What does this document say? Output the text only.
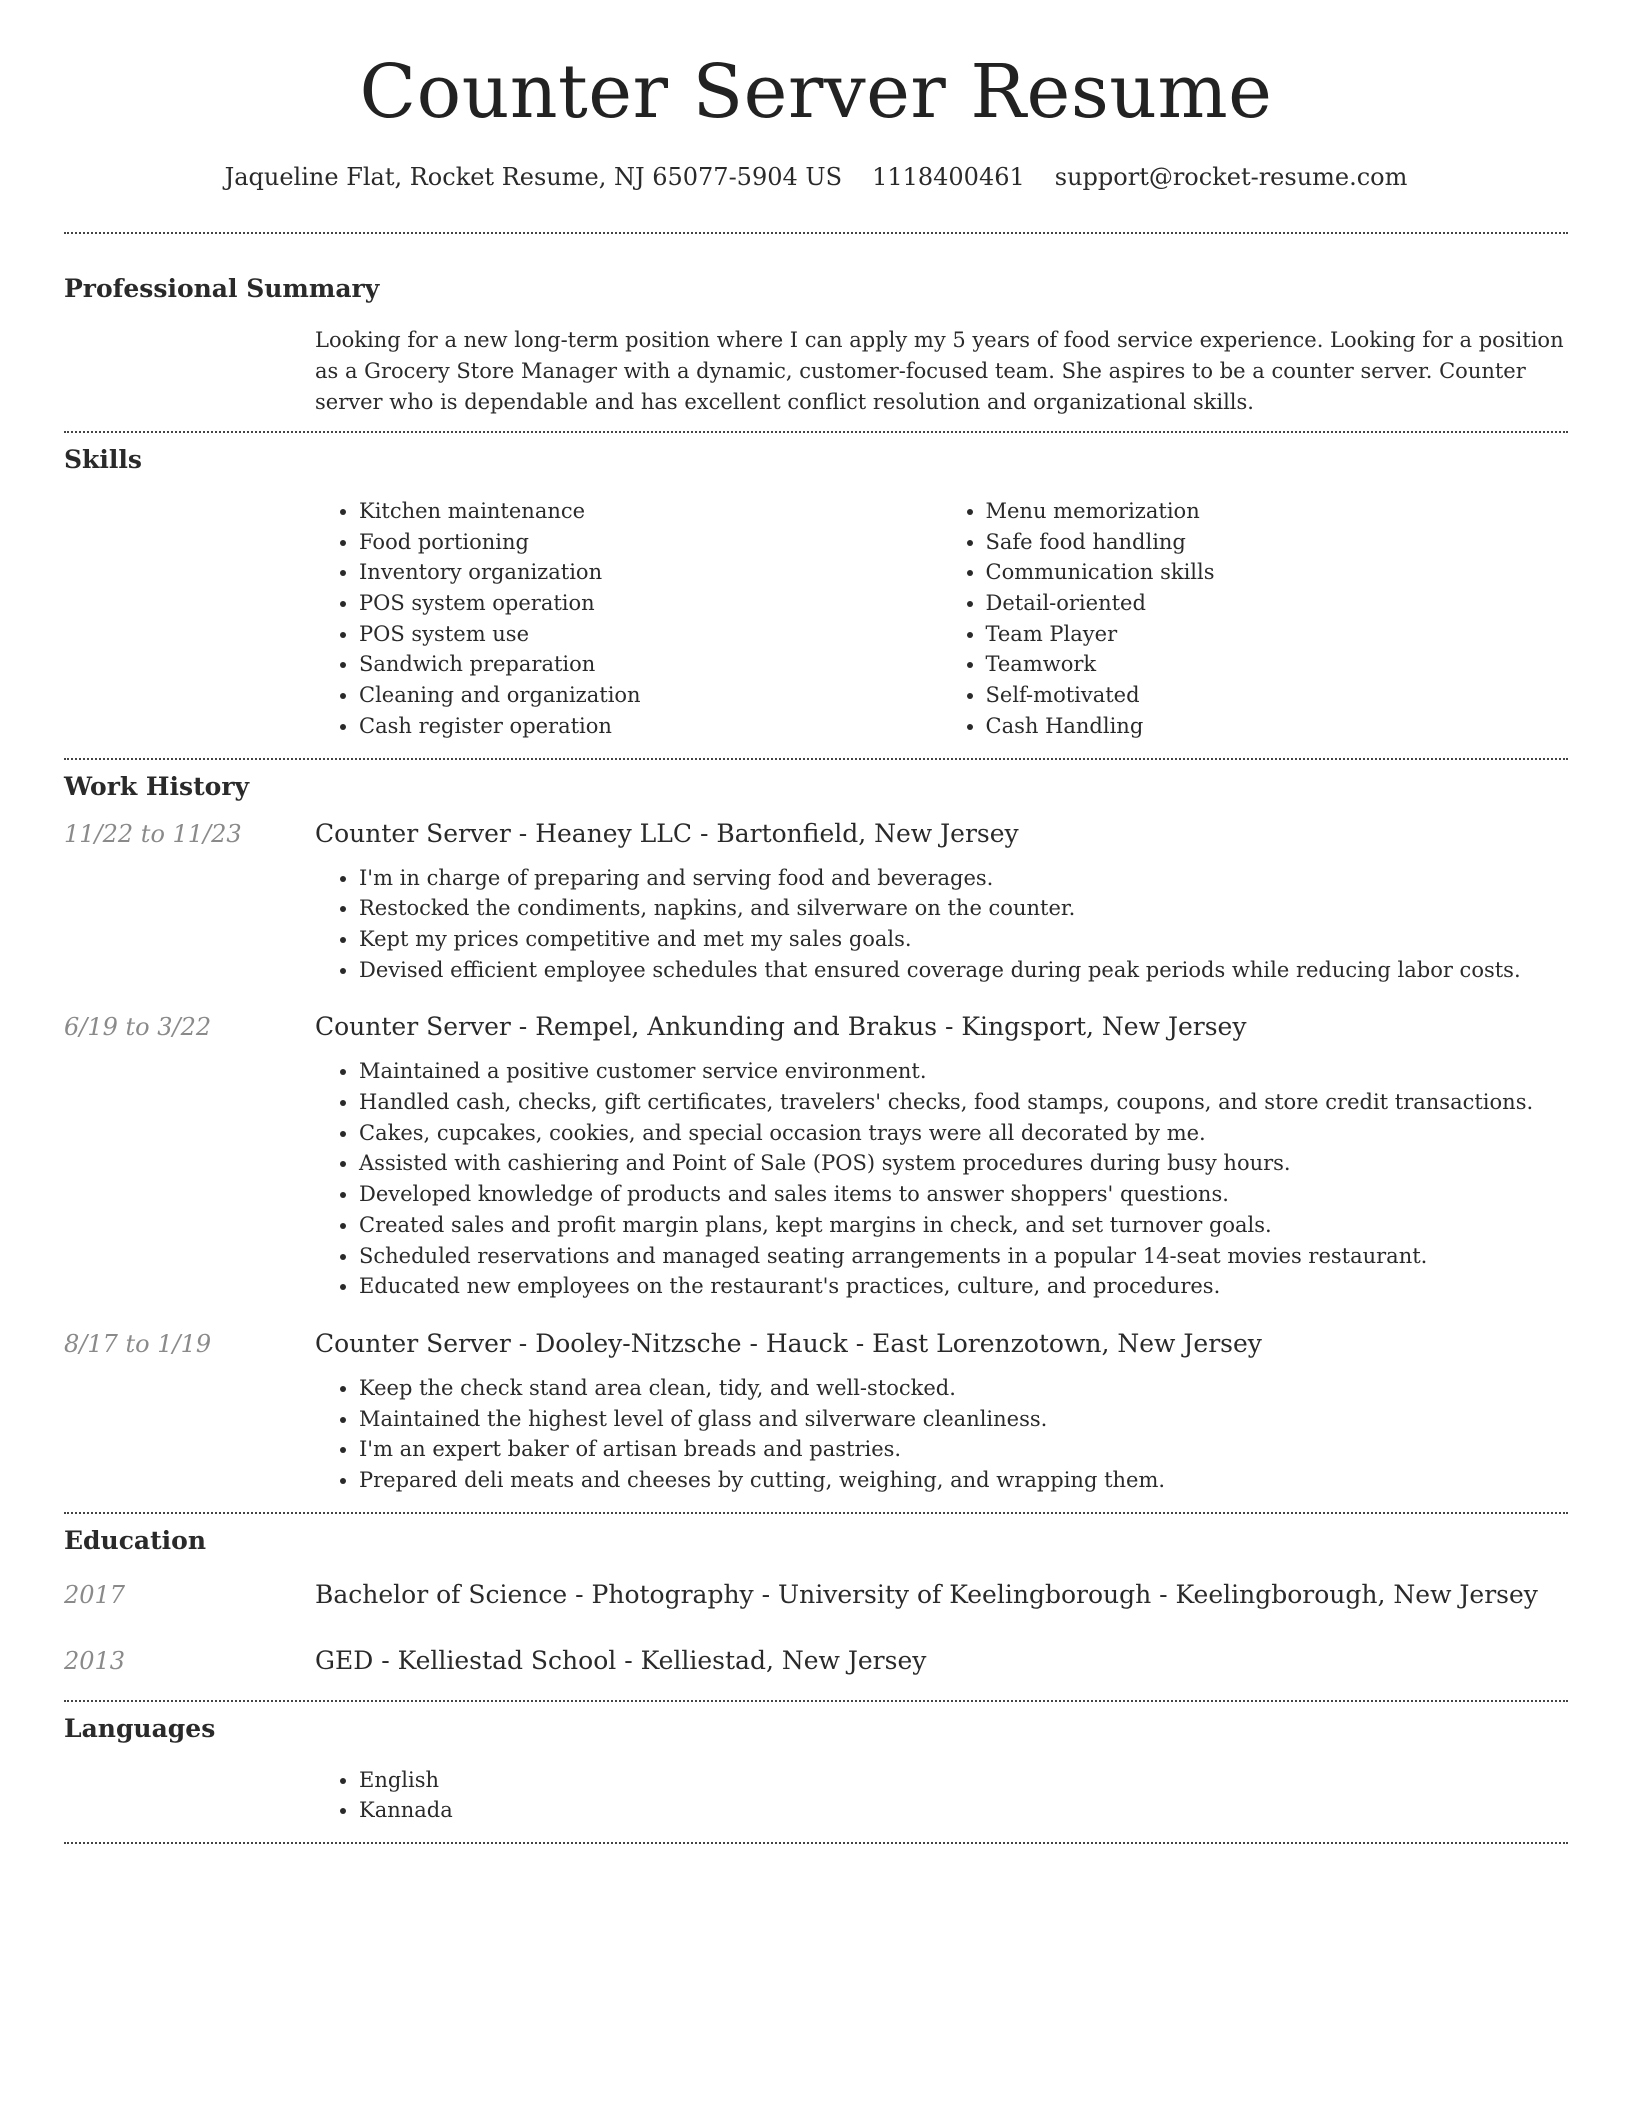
Counter Server Resume
Jaqueline Flat, Rocket Resume, NJ 65077-5904 US 1118400461 support@rocket-resume.com
Professional Summary

Looking for a new long-term position where I can apply my 5 years of food service experience. Looking for a position as a Grocery Store Manager with a dynamic, customer-focused team. She aspires to be a counter server. Counter server who is dependable and has excellent conflict resolution and organizational skills.

Skills
• Kitchen maintenance
• Food portioning
• Inventory organization
• POS system operation
• POS system use
• Sandwich preparation
• Cleaning and organization
• Cash register operation
• Menu memorization
• Safe food handling
• Communication skills
• Detail-oriented
• Team Player
• Teamwork
• Self-motivated
• Cash Handling
Work History
11/22 to 11/23	Counter Server - Heaney LLC - Bartonfield, New Jersey
• I'm in charge of preparing and serving food and beverages.
• Restocked the condiments, napkins, and silverware on the counter.
• Kept my prices competitive and met my sales goals.
• Devised efficient employee schedules that ensured coverage during peak periods while reducing labor costs.
6/19 to 3/22	Counter Server - Rempel, Ankunding and Brakus - Kingsport, New Jersey
• Maintained a positive customer service environment.
• Handled cash, checks, gift certificates, travelers' checks, food stamps, coupons, and store credit transactions.
• Cakes, cupcakes, cookies, and special occasion trays were all decorated by me.
• Assisted with cashiering and Point of Sale (POS) system procedures during busy hours.
• Developed knowledge of products and sales items to answer shoppers' questions.
• Created sales and profit margin plans, kept margins in check, and set turnover goals.
• Scheduled reservations and managed seating arrangements in a popular 14-seat movies restaurant.
• Educated new employees on the restaurant's practices, culture, and procedures.
8/17 to 1/19	Counter Server - Dooley-Nitzsche - Hauck - East Lorenzotown, New Jersey
• Keep the check stand area clean, tidy, and well-stocked.
• Maintained the highest level of glass and silverware cleanliness.
• I'm an expert baker of artisan breads and pastries.
• Prepared deli meats and cheeses by cutting, weighing, and wrapping them.
Education
2017	Bachelor of Science - Photography - University of Keelingborough - Keelingborough, New Jersey
2013	GED - Kelliestad School - Kelliestad, New Jersey
Languages
• English
• Kannada
